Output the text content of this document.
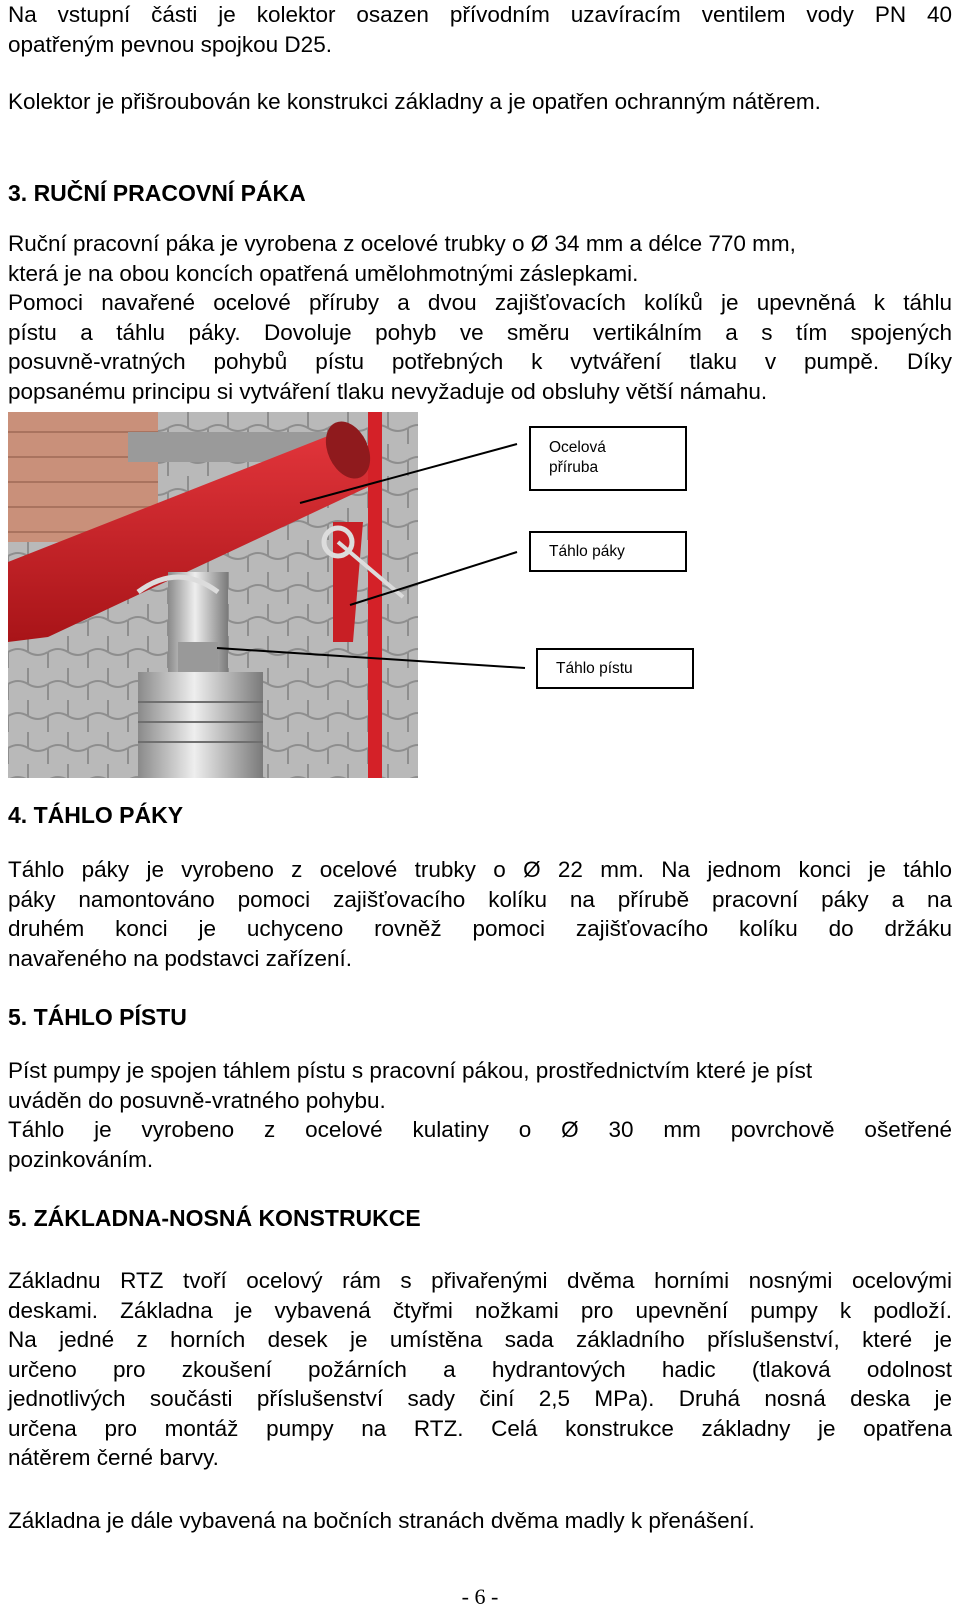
Na vstupní části je kolektor osazen přívodním uzavíracím ventilem vody PN 40
opatřeným pevnou spojkou D25.
Kolektor je přišroubován ke konstrukci základny a je opatřen ochranným nátěrem.
3. RUČNÍ PRACOVNÍ PÁKA
Ruční pracovní páka je vyrobena z ocelové trubky o Ø 34 mm a délce 770 mm,
která je na obou koncích opatřená umělohmotnými záslepkami.
Pomoci navařené ocelové příruby a dvou zajišťovacích kolíků je upevněná k táhlu
pístu a táhlu páky. Dovoluje pohyb ve směru vertikálním a s tím spojených
posuvně-vratných pohybů pístu potřebných k vytváření tlaku v pumpě. Díky
popsanému principu si vytváření tlaku nevyžaduje od obsluhy větší námahu.
Ocelová
příruba
Táhlo páky
Táhlo pístu
4. TÁHLO PÁKY
Táhlo páky je vyrobeno z ocelové trubky o Ø 22 mm. Na jednom konci je táhlo
páky namontováno pomoci zajišťovacího kolíku na přírubě pracovní páky a na
druhém konci je uchyceno rovněž pomoci zajišťovacího kolíku do držáku
navařeného na podstavci zařízení.
5. TÁHLO PÍSTU
Píst pumpy je spojen táhlem pístu s pracovní pákou, prostřednictvím které je píst
uváděn do posuvně-vratného pohybu.
Táhlo je vyrobeno z ocelové kulatiny o Ø 30 mm povrchově ošetřené
pozinkováním.
5. ZÁKLADNA-NOSNÁ KONSTRUKCE
Základnu RTZ tvoří ocelový rám s přivařenými dvěma horními nosnými ocelovými
deskami. Základna je vybavená čtyřmi nožkami pro upevnění pumpy k podloží.
Na jedné z horních desek je umístěna sada základního příslušenství, které je
určeno pro zkoušení požárních a hydrantových hadic (tlaková odolnost
jednotlivých součásti příslušenství sady činí 2,5 MPa). Druhá nosná deska je
určena pro montáž pumpy na RTZ. Celá konstrukce základny je opatřena
nátěrem černé barvy.
Základna je dále vybavená na bočních stranách dvěma madly k přenášení.
- 6 -
